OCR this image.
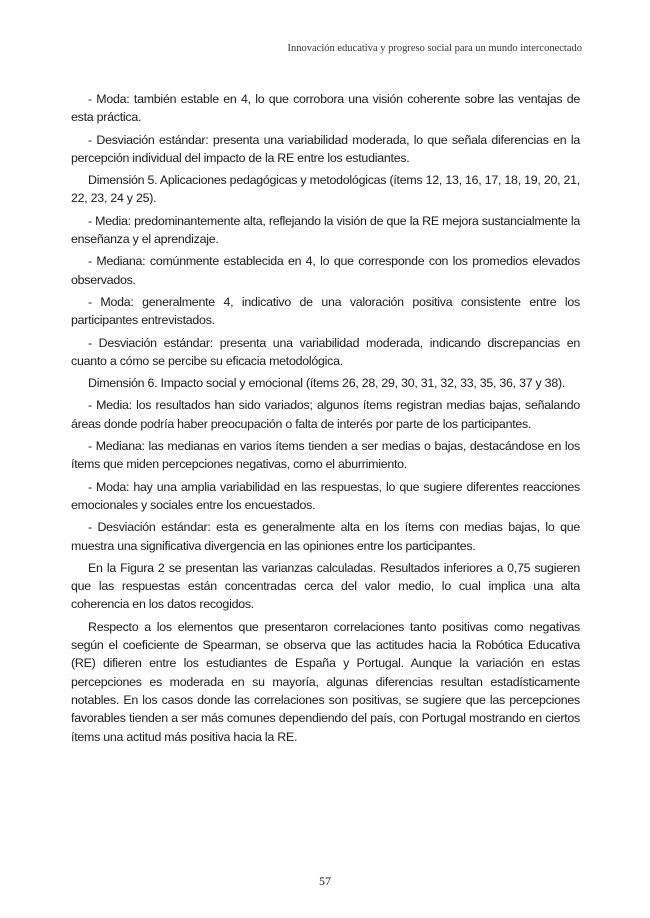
Innovación educativa y progreso social para un mundo interconectado

- Moda: también estable en 4, lo que corrobora una visión coherente sobre las ventajas de esta práctica.

- Desviación estándar: presenta una variabilidad moderada, lo que señala diferencias en la percepción individual del impacto de la RE entre los estudiantes.

Dimensión 5. Aplicaciones pedagógicas y metodológicas (ítems 12, 13, 16, 17, 18, 19, 20, 21, 22, 23, 24 y 25).

- Media: predominantemente alta, reflejando la visión de que la RE mejora sustancialmente la enseñanza y el aprendizaje.

- Mediana: comúnmente establecida en 4, lo que corresponde con los promedios elevados observados.

- Moda: generalmente 4, indicativo de una valoración positiva consistente entre los participantes entrevistados.

- Desviación estándar: presenta una variabilidad moderada, indicando discrepancias en cuanto a cómo se percibe su eficacia metodológica.

Dimensión 6. Impacto social y emocional (ítems 26, 28, 29, 30, 31, 32, 33, 35, 36, 37 y 38).

- Media: los resultados han sido variados; algunos ítems registran medias bajas, señalando áreas donde podría haber preocupación o falta de interés por parte de los participantes.

- Mediana: las medianas en varios ítems tienden a ser medias o bajas, destacándose en los ítems que miden percepciones negativas, como el aburrimiento.

- Moda: hay una amplia variabilidad en las respuestas, lo que sugiere diferentes reacciones emocionales y sociales entre los encuestados.

- Desviación estándar: esta es generalmente alta en los ítems con medias bajas, lo que muestra una significativa divergencia en las opiniones entre los participantes.

En la Figura 2 se presentan las varianzas calculadas. Resultados inferiores a 0,75 sugieren que las respuestas están concentradas cerca del valor medio, lo cual implica una alta coherencia en los datos recogidos.

Respecto a los elementos que presentaron correlaciones tanto positivas como negativas según el coeficiente de Spearman, se observa que las actitudes hacia la Robótica Educativa (RE) difieren entre los estudiantes de España y Portugal. Aunque la variación en estas percepciones es moderada en su mayoría, algunas diferencias resultan estadísticamente notables. En los casos donde las correlaciones son positivas, se sugiere que las percepciones favorables tienden a ser más comunes dependiendo del país, con Portugal mostrando en ciertos ítems una actitud más positiva hacia la RE.

57
